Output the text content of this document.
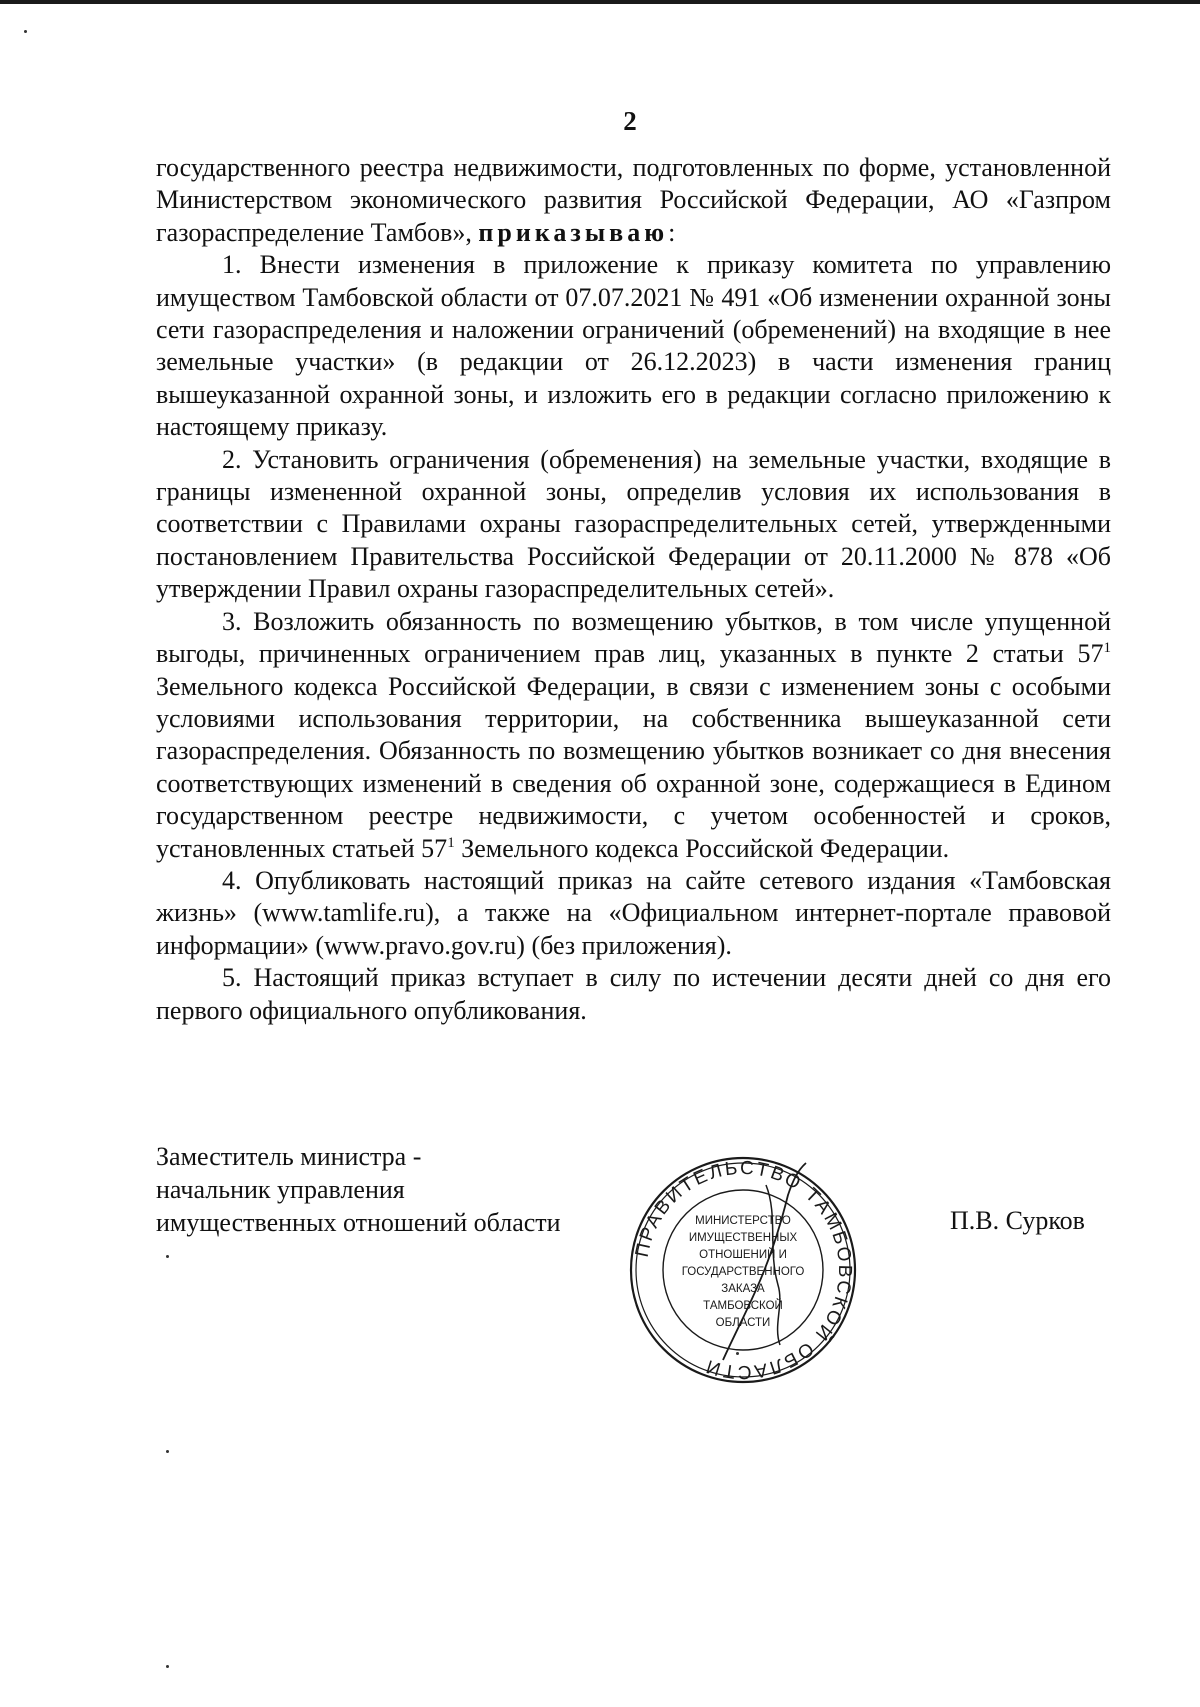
2

государственного реестра недвижимости, подготовленных по форме, установленной Министерством экономического развития Российской Федерации, АО «Газпром газораспределение Тамбов», приказываю:

1. Внести изменения в приложение к приказу комитета по управлению имуществом Тамбовской области от 07.07.2021 № 491 «Об изменении охранной зоны сети газораспределения и наложении ограничений (обременений) на входящие в нее земельные участки» (в редакции от 26.12.2023) в части изменения границ вышеуказанной охранной зоны, и изложить его в редакции согласно приложению к настоящему приказу.

2. Установить ограничения (обременения) на земельные участки, входящие в границы измененной охранной зоны, определив условия их использования в соответствии с Правилами охраны газораспределительных сетей, утвержденными постановлением Правительства Российской Федерации от 20.11.2000 № 878 «Об утверждении Правил охраны газораспределительных сетей».

3. Возложить обязанность по возмещению убытков, в том числе упущенной выгоды, причиненных ограничением прав лиц, указанных в пункте 2 статьи $57^1$ Земельного кодекса Российской Федерации, в связи с изменением зоны с особыми условиями использования территории, на собственника вышеуказанной сети газораспределения. Обязанность по возмещению убытков возникает со дня внесения соответствующих изменений в сведения об охранной зоне, содержащиеся в Едином государственном реестре недвижимости, с учетом особенностей и сроков, установленных статьей $57^1$ Земельного кодекса Российской Федерации.

4. Опубликовать настоящий приказ на сайте сетевого издания «Тамбовская жизнь» (www.tamlife.ru), а также на «Официальном интернет-портале правовой информации» (www.pravo.gov.ru) (без приложения).

5. Настоящий приказ вступает в силу по истечении десяти дней со дня его первого официального опубликования.

Заместитель министра -
начальник управления
имущественных отношений области
ПРАВИТЕЛЬСТВО ТАМБОВСКОЙ ОБЛАСТИ
МИНИСТЕРСТВО
ИМУЩЕСТВЕННЫХ
ОТНОШЕНИЙ И
ГОСУДАРСТВЕННОГО
ЗАКАЗА
ТАМБОВСКОЙ
ОБЛАСТИ
П.В. Сурков
